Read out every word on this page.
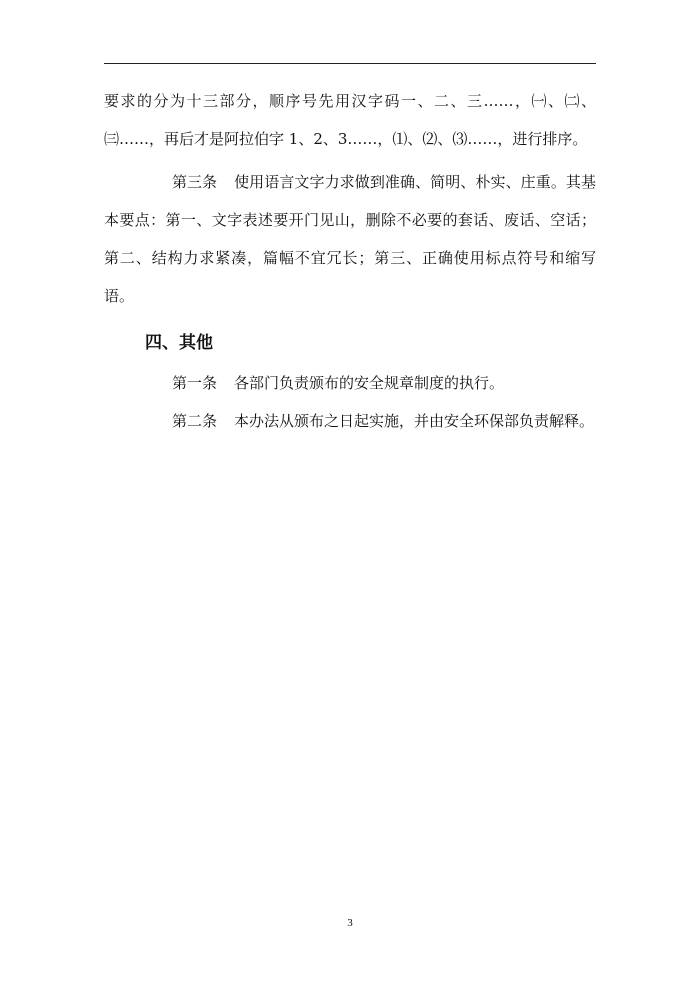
要求的分为十三部分，顺序号先用汉字码一、二、三……，㈠、㈡、㈢……，再后才是阿拉伯字 1、2、3……，⑴、⑵、⑶……，进行排序。

第三条 使用语言文字力求做到准确、简明、朴实、庄重。其基本要点：第一、文字表述要开门见山，删除不必要的套话、废话、空话；第二、结构力求紧凑，篇幅不宜冗长；第三、正确使用标点符号和缩写语。

四、其他

第一条 各部门负责颁布的安全规章制度的执行。

第二条 本办法从颁布之日起实施，并由安全环保部负责解释。

3
